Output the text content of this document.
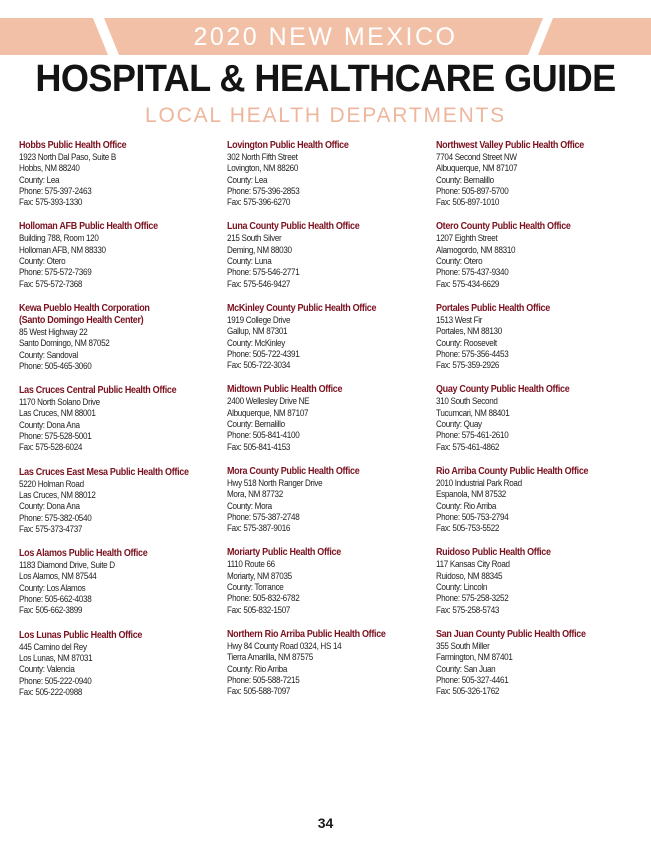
2020 NEW MEXICO
HOSPITAL & HEALTHCARE GUIDE
LOCAL HEALTH DEPARTMENTS
Hobbs Public Health Office
1923 North Dal Paso, Suite B
Hobbs, NM 88240
County: Lea
Phone: 575-397-2463
Fax: 575-393-1330
Holloman AFB Public Health Office
Building 788, Room 120
Holloman AFB, NM 88330
County: Otero
Phone: 575-572-7369
Fax: 575-572-7368
Kewa Pueblo Health Corporation
(Santo Domingo Health Center)
85 West Highway 22
Santo Domingo, NM 87052
County: Sandoval
Phone: 505-465-3060
Las Cruces Central Public Health Office
1170 North Solano Drive
Las Cruces, NM 88001
County: Dona Ana
Phone: 575-528-5001
Fax: 575-528-6024
Las Cruces East Mesa Public Health Office
5220 Holman Road
Las Cruces, NM 88012
County: Dona Ana
Phone: 575-382-0540
Fax: 575-373-4737
Los Alamos Public Health Office
1183 Diamond Drive, Suite D
Los Alamos, NM 87544
County: Los Alamos
Phone: 505-662-4038
Fax: 505-662-3899
Los Lunas Public Health Office
445 Camino del Rey
Los Lunas, NM 87031
County: Valencia
Phone: 505-222-0940
Fax: 505-222-0988
Lovington Public Health Office
302 North Fifth Street
Lovington, NM 88260
County: Lea
Phone: 575-396-2853
Fax: 575-396-6270
Luna County Public Health Office
215 South Silver
Deming, NM 88030
County: Luna
Phone: 575-546-2771
Fax: 575-546-9427
McKinley County Public Health Office
1919 College Drive
Gallup, NM 87301
County: McKinley
Phone: 505-722-4391
Fax: 505-722-3034
Midtown Public Health Office
2400 Wellesley Drive NE
Albuquerque, NM 87107
County: Bernalillo
Phone: 505-841-4100
Fax: 505-841-4153
Mora County Public Health Office
Hwy 518 North Ranger Drive
Mora, NM 87732
County: Mora
Phone: 575-387-2748
Fax: 575-387-9016
Moriarty Public Health Office
1110 Route 66
Moriarty, NM 87035
County: Torrance
Phone: 505-832-6782
Fax: 505-832-1507
Northern Rio Arriba Public Health Office
Hwy 84 County Road 0324, HS 14
Tierra Amarilla, NM 87575
County: Rio Arriba
Phone: 505-588-7215
Fax: 505-588-7097
Northwest Valley Public Health Office
7704 Second Street NW
Albuquerque, NM 87107
County: Bernalillo
Phone: 505-897-5700
Fax: 505-897-1010
Otero County Public Health Office
1207 Eighth Street
Alamogordo, NM 88310
County: Otero
Phone: 575-437-9340
Fax: 575-434-6629
Portales Public Health Office
1513 West Fir
Portales, NM 88130
County: Roosevelt
Phone: 575-356-4453
Fax: 575-359-2926
Quay County Public Health Office
310 South Second
Tucumcari, NM 88401
County: Quay
Phone: 575-461-2610
Fax: 575-461-4862
Rio Arriba County Public Health Office
2010 Industrial Park Road
Espanola, NM 87532
County: Rio Arriba
Phone: 505-753-2794
Fax: 505-753-5522
Ruidoso Public Health Office
117 Kansas City Road
Ruidoso, NM 88345
County: Lincoln
Phone: 575-258-3252
Fax: 575-258-5743
San Juan County Public Health Office
355 South Miller
Farmington, NM 87401
County: San Juan
Phone: 505-327-4461
Fax: 505-326-1762
34
